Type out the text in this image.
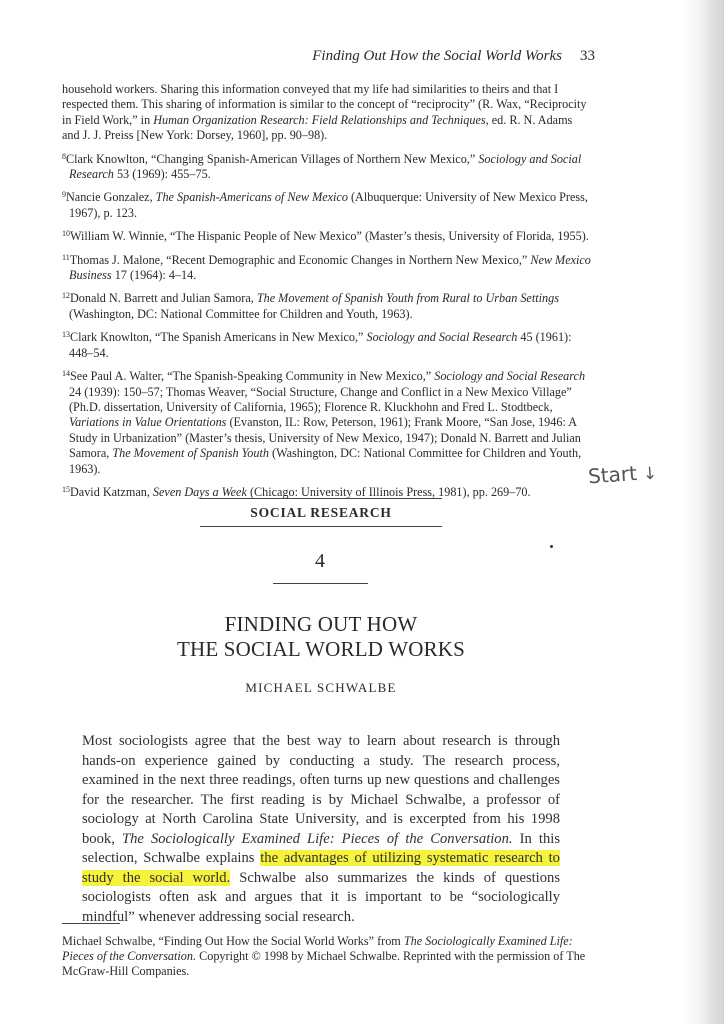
Finding Out How the Social World Works 33

household workers. Sharing this information conveyed that my life had similarities to theirs and that I respected them. This sharing of information is similar to the concept of “reciprocity” (R. Wax, “Reciprocity in Field Work,” in Human Organization Research: Field Relationships and Techniques, ed. R. N. Adams and J. J. Preiss [New York: Dorsey, 1960], pp. 90–98).

$^8$Clark Knowlton, “Changing Spanish-American Villages of Northern New Mexico,” Sociology and Social Research 53 (1969): 455–75.

$^9$Nancie Gonzalez, The Spanish-Americans of New Mexico (Albuquerque: University of New Mexico Press, 1967), p. 123.

$^{10}$William W. Winnie, “The Hispanic People of New Mexico” (Master’s thesis, University of Florida, 1955).

$^{11}$Thomas J. Malone, “Recent Demographic and Economic Changes in Northern New Mexico,” New Mexico Business 17 (1964): 4–14.

$^{12}$Donald N. Barrett and Julian Samora, The Movement of Spanish Youth from Rural to Urban Settings (Washington, DC: National Committee for Children and Youth, 1963).

$^{13}$Clark Knowlton, “The Spanish Americans in New Mexico,” Sociology and Social Research 45 (1961): 448–54.

$^{14}$See Paul A. Walter, “The Spanish-Speaking Community in New Mexico,” Sociology and Social Research 24 (1939): 150–57; Thomas Weaver, “Social Structure, Change and Conflict in a New Mexico Village” (Ph.D. dissertation, University of California, 1965); Florence R. Kluckhohn and Fred L. Stodtbeck, Variations in Value Orientations (Evanston, IL: Row, Peterson, 1961); Frank Moore, “San Jose, 1946: A Study in Urbanization” (Master’s thesis, University of New Mexico, 1947); Donald N. Barrett and Julian Samora, The Movement of Spanish Youth (Washington, DC: National Committee for Children and Youth, 1963).

$^{15}$David Katzman, Seven Days a Week (Chicago: University of Illinois Press, 1981), pp. 269–70.

Start ↓
SOCIAL RESEARCH
4
FINDING OUT HOW
THE SOCIAL WORLD WORKS
MICHAEL SCHWALBE
Most sociologists agree that the best way to learn about research is through hands-on experience gained by conducting a study. The research process, examined in the next three readings, often turns up new questions and challenges for the researcher. The first reading is by Michael Schwalbe, a professor of sociology at North Carolina State University, and is excerpted from his 1998 book, The Sociologically Examined Life: Pieces of the Conversation. In this selection, Schwalbe explains the advantages of utilizing systematic research to study the social world. Schwalbe also summarizes the kinds of questions sociologists often ask and argues that it is important to be “sociologically mindful” whenever addressing social research.
Michael Schwalbe, “Finding Out How the Social World Works” from The Sociologically Examined Life: Pieces of the Conversation. Copyright © 1998 by Michael Schwalbe. Reprinted with the permission of The McGraw-Hill Companies.
